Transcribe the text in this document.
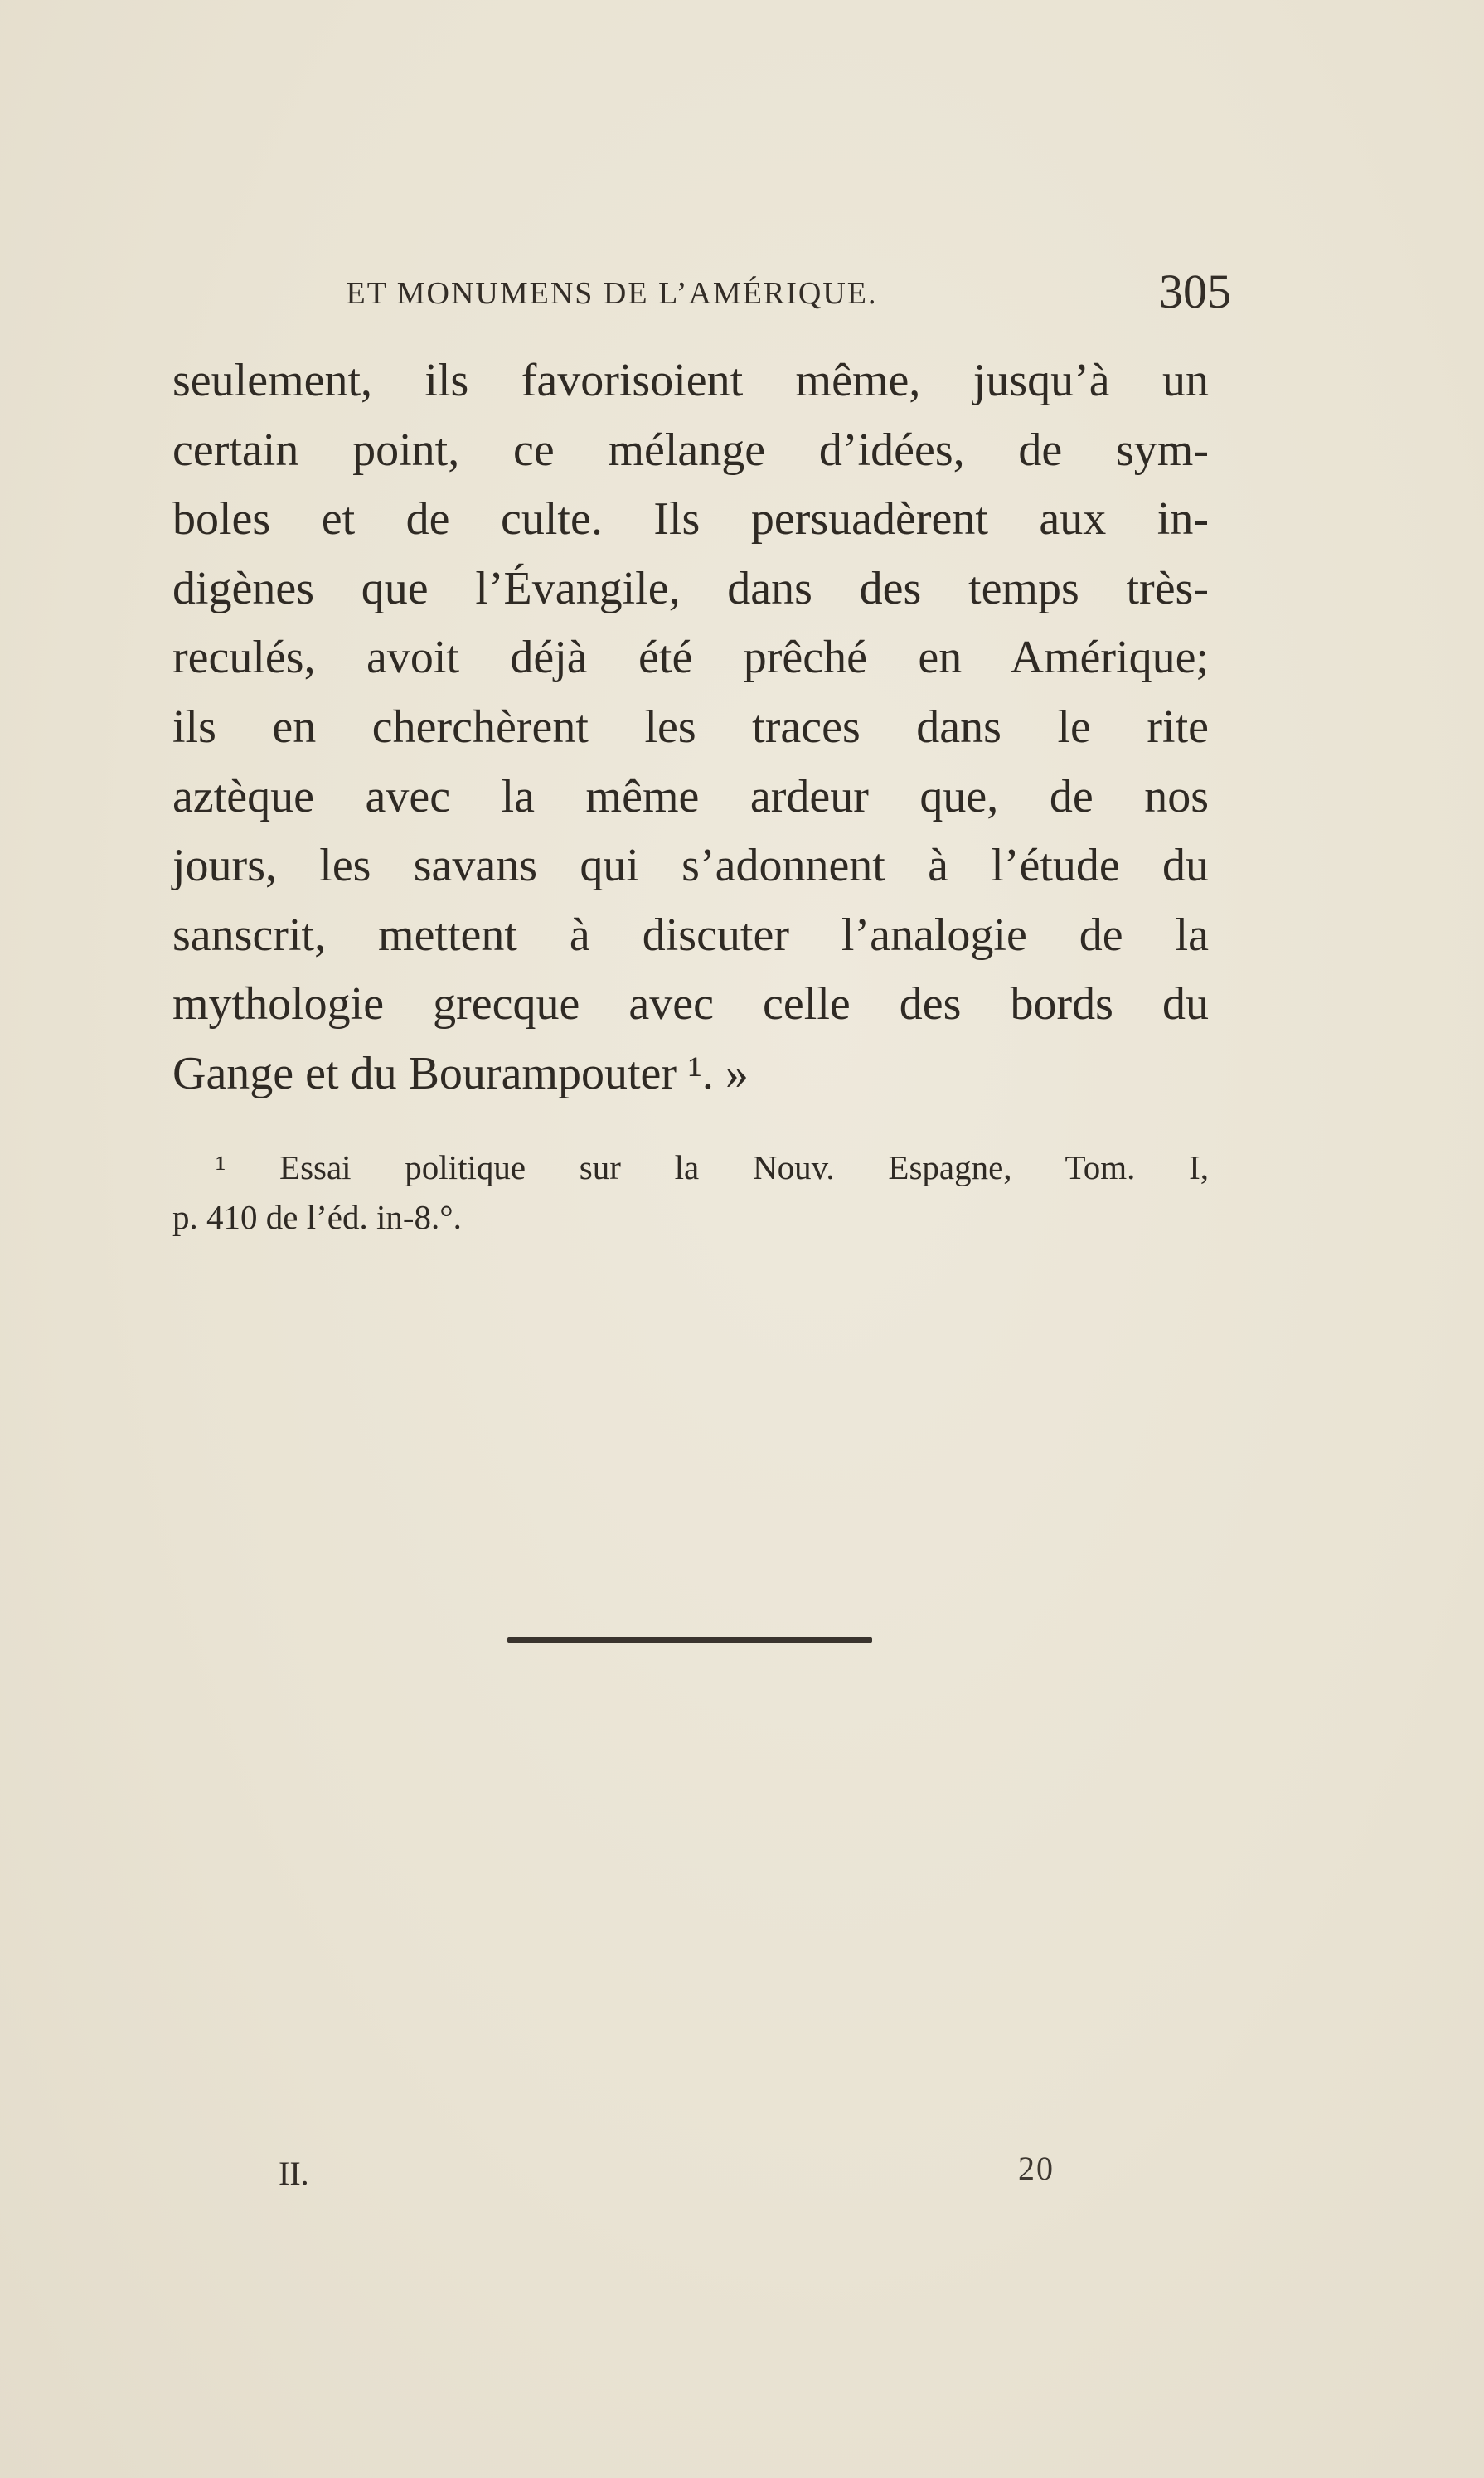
ET MONUMENS DE L’AMÉRIQUE.	305
seulement, ils favorisoient même, jusqu’à un
certain point, ce mélange d’idées, de sym-
boles et de culte. Ils persuadèrent aux in-
digènes que l’Évangile, dans des temps très-
reculés, avoit déjà été prêché en Amérique;
ils en cherchèrent les traces dans le rite
aztèque avec la même ardeur que, de nos
jours, les savans qui s’adonnent à l’étude du
sanscrit, mettent à discuter l’analogie de la
mythologie grecque avec celle des bords du
Gange et du Bourampouter ¹. »
¹ Essai politique sur la Nouv. Espagne, Tom. I,
p. 410 de l’éd. in-8.°.
II.	20
